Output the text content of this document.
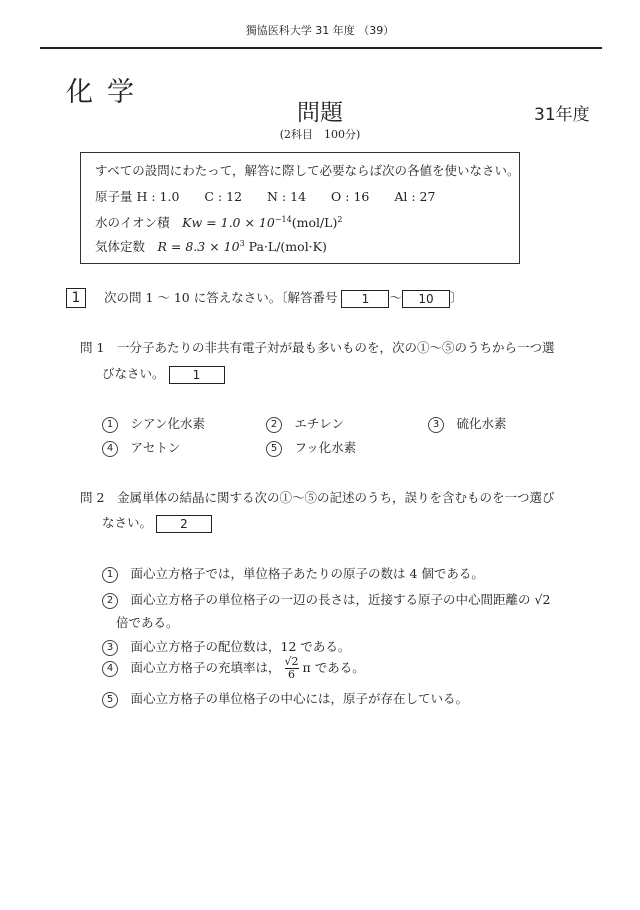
獨協医科大学 31 年度 （39）
化学
問題	31年度
(2科目　100分)
すべての設問にわたって，解答に際して必要ならば次の各値を使いなさい。
原子量 H : 1.0　　C : 12　　N : 14　　O : 16　　Al : 27
水のイオン積　 $Kw = 1.0 \times 10^{-14}(mol/L)^2$
気体定数　 $R = 8.3 \times 10^3$ Pa·L/(mol·K)
1 次の問 1 ～ 10 に答えなさい。〔解答番号 1 ～ 10 〕
問 1　 一分子あたりの非共有電子対が最も多いものを，次の①～⑤のうちから一つ選
びなさい。 1
1　 シアン化水素	2　 エチレン	3　 硫化水素
4　 アセトン	5　 フッ化水素
問 2　 金属単体の結晶に関する次の①～⑤の記述のうち，誤りを含むものを一つ選び
なさい。 2
1　 面心立方格子では，単位格子あたりの原子の数は 4 個である。
2　 面心立方格子の単位格子の一辺の長さは，近接する原子の中心間距離の √2
倍である。
3　 面心立方格子の配位数は，12 である。
4　 面心立方格子の充填率は， $\frac{√2}{6}$ π である。
5　 面心立方格子の単位格子の中心には，原子が存在している。
